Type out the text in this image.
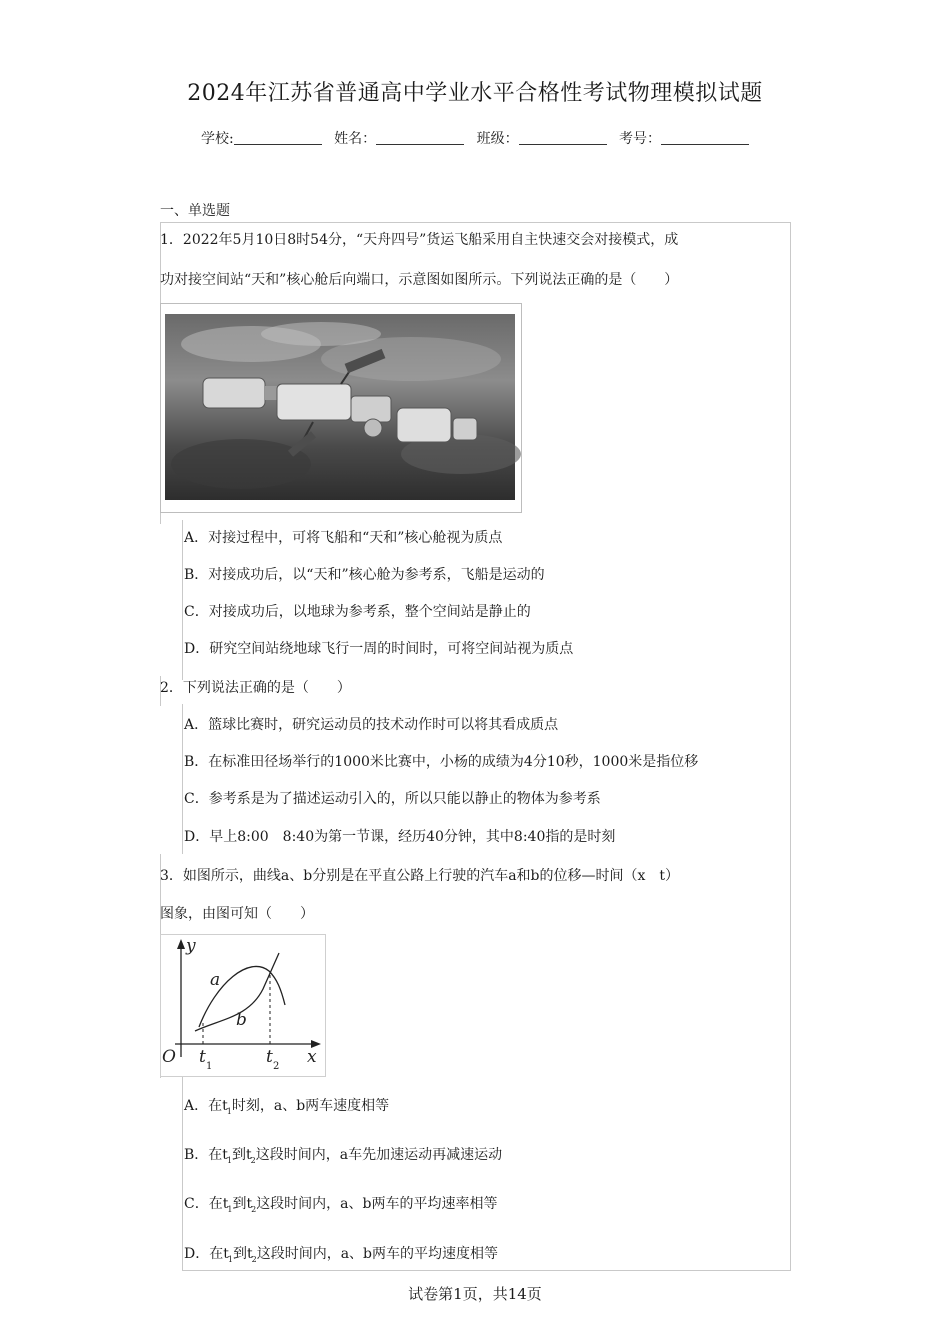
2024年江苏省普通高中学业水平合格性考试物理模拟试题
学校:	姓名：	班级：	考号：
一、单选题
1．2022年5月10日8时54分，“天舟四号”货运飞船采用自主快速交会对接模式，成
功对接空间站“天和”核心舱后向端口，示意图如图所示。下列说法正确的是（　　）
A．对接过程中，可将飞船和“天和”核心舱视为质点
B．对接成功后，以“天和”核心舱为参考系，飞船是运动的
C．对接成功后，以地球为参考系，整个空间站是静止的
D．研究空间站绕地球飞行一周的时间时，可将空间站视为质点
2．下列说法正确的是（　　）
A．篮球比赛时，研究运动员的技术动作时可以将其看成质点
B．在标准田径场举行的1000米比赛中，小杨的成绩为4分10秒，1000米是指位移
C．参考系是为了描述运动引入的，所以只能以静止的物体为参考系
D．早上8:00　8:40为第一节课，经历40分钟，其中8:40指的是时刻
3．如图所示，曲线a、b分别是在平直公路上行驶的汽车a和b的位移—时间（x　t）
图象，由图可知（　　）
y
x
O
a
b
t 1	t 2
A．在$t_1$时刻，a、b两车速度相等
B．在$t_1$到$t_2$这段时间内，a车先加速运动再减速运动
C．在$t_1$到$t_2$这段时间内，a、b两车的平均速率相等
D．在$t_1$到$t_2$这段时间内，a、b两车的平均速度相等
试卷第1页，共14页
